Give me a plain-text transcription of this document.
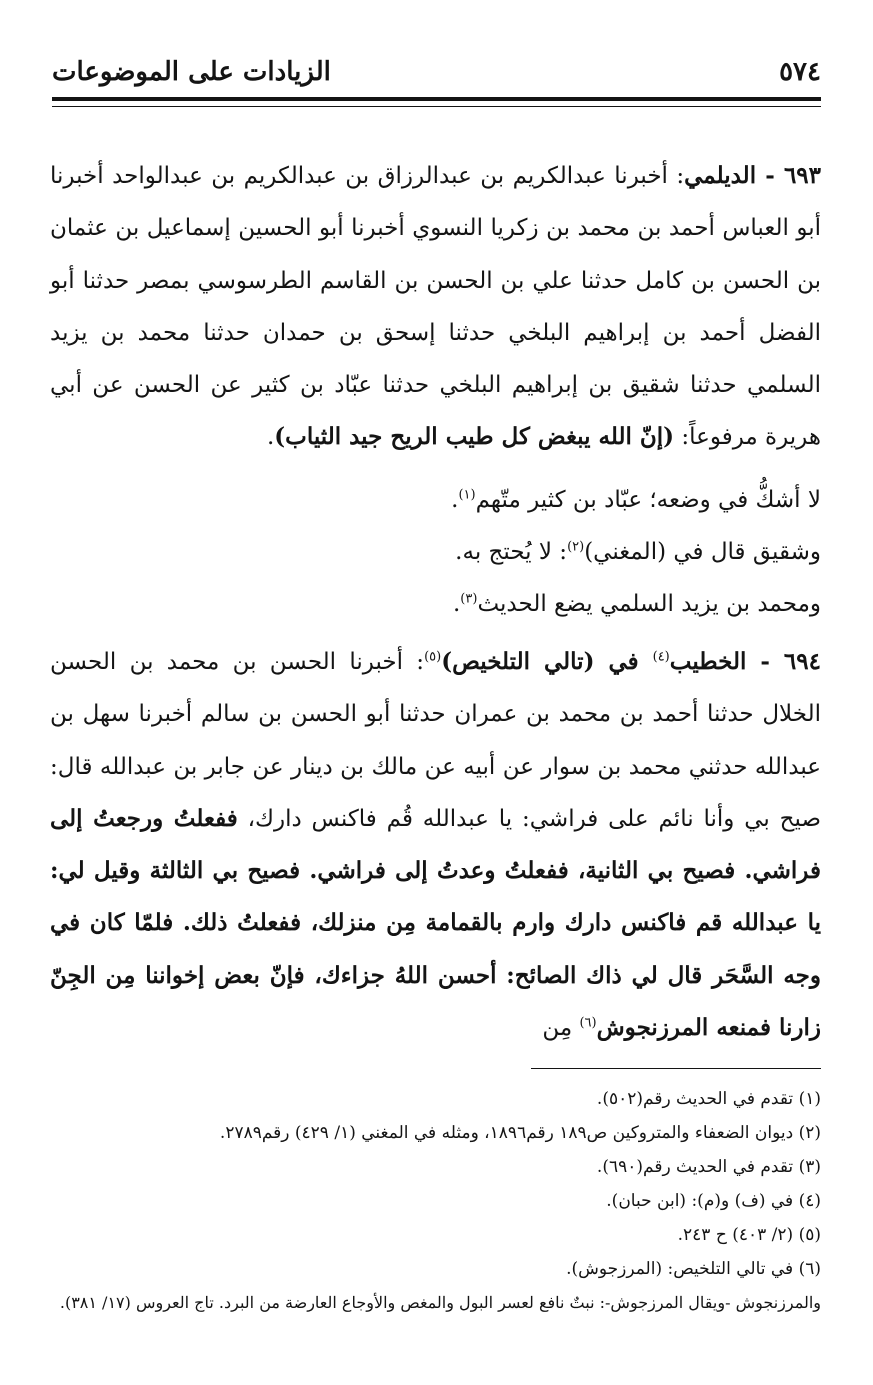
٥٧٤
الزيادات على الموضوعات

٦٩٣ - الديلمي: أخبرنا عبدالكريم بن عبدالرزاق بن عبدالكريم بن عبدالواحد أخبرنا أبو العباس أحمد بن محمد بن زكريا النسوي أخبرنا أبو الحسين إسماعيل بن عثمان بن الحسن بن كامل حدثنا علي بن الحسن بن القاسم الطرسوسي بمصر حدثنا أبو الفضل أحمد بن إبراهيم البلخي حدثنا إسحق بن حمدان حدثنا محمد بن يزيد السلمي حدثنا شقيق بن إبراهيم البلخي حدثنا عبّاد بن كثير عن الحسن عن أبي هريرة مرفوعاً: (إنّ الله يبغض كل طيب الريح جيد الثياب).

لا أشكُّ في وضعه؛ عبّاد بن كثير متّهم$^{(١)}$.

وشقيق قال في (المغني)$^{(٢)}$: لا يُحتج به.

ومحمد بن يزيد السلمي يضع الحديث$^{(٣)}$.

٦٩٤ - الخطيب$^{(٤)}$ في (تالي التلخيص)$^{(٥)}$: أخبرنا الحسن بن محمد بن الحسن الخلال حدثنا أحمد بن محمد بن عمران حدثنا أبو الحسن بن سالم أخبرنا سهل بن عبدالله حدثني محمد بن سوار عن أبيه عن مالك بن دينار عن جابر بن عبدالله قال: صيح بي وأنا نائم على فراشي: يا عبدالله قُم فاكنس دارك، ففعلتُ ورجعتُ إلى فراشي. فصيح بي الثانية، ففعلتُ وعدتُ إلى فراشي. فصيح بي الثالثة وقيل لي: يا عبدالله قم فاكنس دارك وارم بالقمامة مِن منزلك، ففعلتُ ذلك. فلمّا كان في وجه السَّحَر قال لي ذاك الصائح: أحسن اللهُ جزاءك، فإنّ بعض إخواننا مِن الجِنّ زارنا فمنعه المرزنجوش$^{(٦)}$ مِن

(١) تقدم في الحديث رقم(٥٠٢).

(٢) ديوان الضعفاء والمتروكين ص١٨٩ رقم١٨٩٦، ومثله في المغني (١/ ٤٢٩) رقم٢٧٨٩.

(٣) تقدم في الحديث رقم(٦٩٠).

(٤) في (ف) و(م): (ابن حبان).

(٥) (٢/ ٤٠٣) ح ٢٤٣.

(٦) في تالي التلخيص: (المرزجوش).

والمرزنجوش -ويقال المرزجوش-: نبتٌ نافع لعسر البول والمغص والأوجاع العارضة من البرد. تاج العروس (١٧/ ٣٨١).
